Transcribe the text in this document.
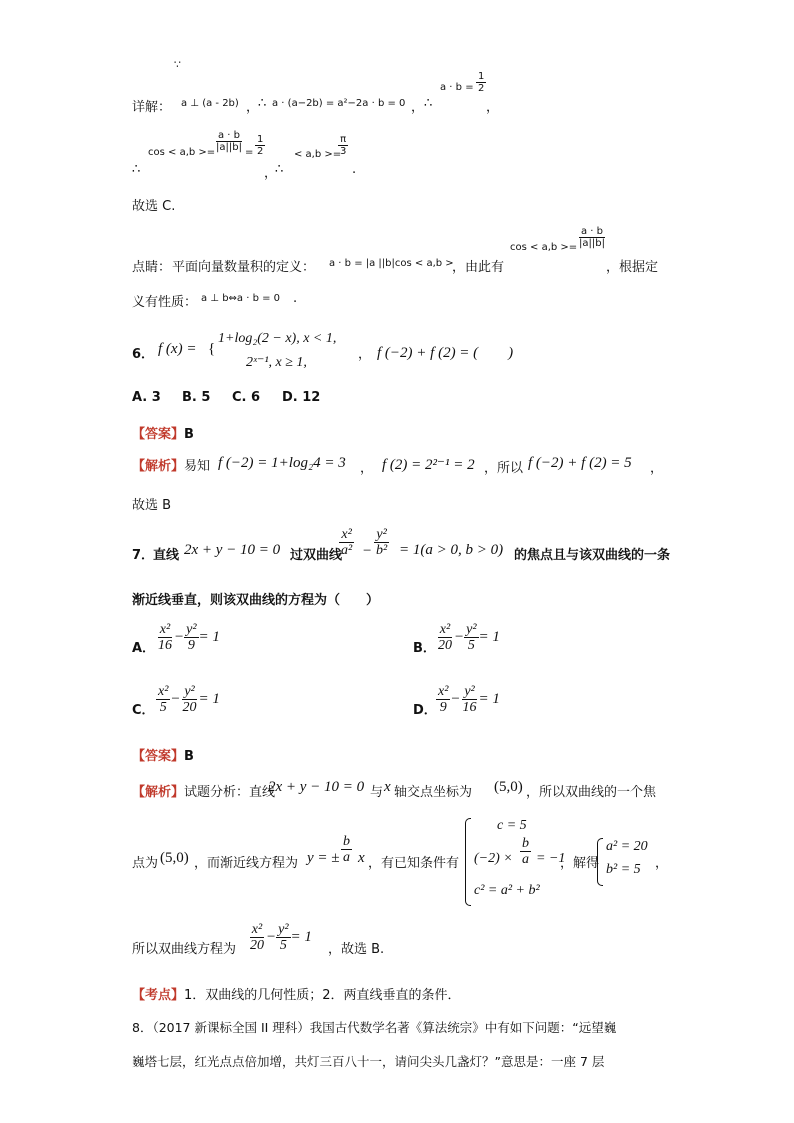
∵
详解： a ⊥ (a - 2b) ，
∴ a · (a−2b) = a²−2a · b = 0 ， ∴
$a \cdot b = \frac{1}{2}$
，
cos < a,b >=
$\frac{a \cdot b}{|a||b|} = \frac{1}{2}$
，
∴	∴
< a,b >=
$\frac{\pi}{3}$
.
故选 C.
点睛： 平面向量数量积的定义： a · b = |a ||b|cos < a,b >
，由此有
$\cos < a,b >= \frac{a \cdot b}{|a||b|}$
，根据定
义有性质： a ⊥ b⇔a · b = 0 .
6． f (x) = {
1+log₂(2 − x), x < 1,
2ˣ⁻¹, x ≥ 1,
， f (−2) + f (2) = (　　)
A. 3 B. 5 C. 6 D. 12
【答案】B
【解析】易知 f (−2) = 1+log₂4 = 3 ， f (2) = 2²⁻¹ = 2 ，所以 f (−2) + f (2) = 5 ，
故选 B
7．
直线 2x + y − 10 = 0 过双曲线
$\frac{\text{x²}}{\text{a²}} - \frac{\text{y²}}{\text{b²}} = 1(a > 0$, b > 0) 的焦点且与该双曲线的一条
渐近线垂直，则该双曲线的方程为（　　）
A． $\frac{\text{x²}}{16} - \frac{\text{y²}}{9} = 1$
B． $\frac{\text{x²}}{20} - \frac{\text{y²}}{5} = 1$
C． $\frac{\text{x²}}{5} - \frac{\text{y²}}{20} = 1$
D． $\frac{\text{x²}}{9} - \frac{\text{y²}}{16} = 1$
【答案】B
【解析】试题分析：直线
2x + y − 10 = 0 与 x 轴交点坐标为 (5,0) ，所以双曲线的一个焦
点为 (5,0) ，而渐近线方程为 y = ± $\frac{b}{a}$ x ，有已知条件有
c = 5
$(-2) \times \frac{b}{a} = -1$
c² = a² + b²
，解得
a² = 20
b² = 5 ，
所以双曲线方程为 $\frac{\text{x²}}{20} - \frac{\text{y²}}{5} = 1$
，故选 B.
【考点】1．双曲线的几何性质；2．两直线垂直的条件．
8．（2017 新课标全国 II 理科）我国古代数学名著《算法统宗》中有如下问题：“远望巍
巍塔七层，红光点点倍加增，共灯三百八十一，请问尖头几盏灯？”意思是：一座 7 层
